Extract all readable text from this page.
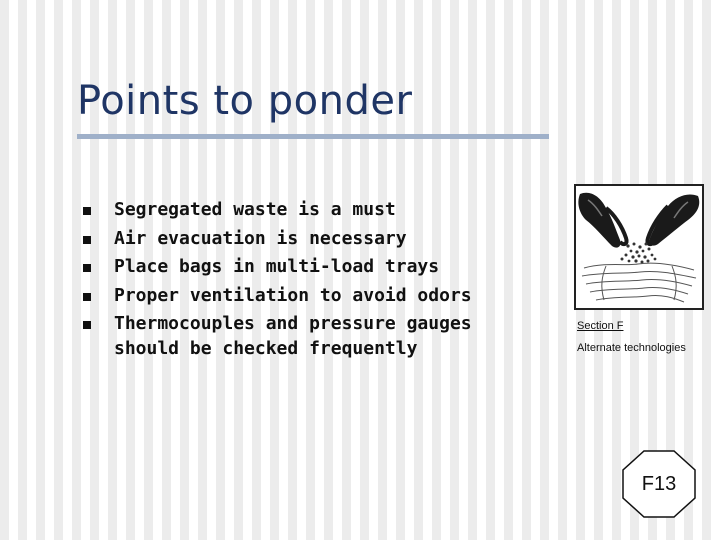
Points to ponder
Segregated waste is a must
Air evacuation is necessary
Place bags in multi-load trays
Proper ventilation to avoid odors
Thermocouples and pressure gauges should be checked frequently
Section F
Alternate technologies
F13
